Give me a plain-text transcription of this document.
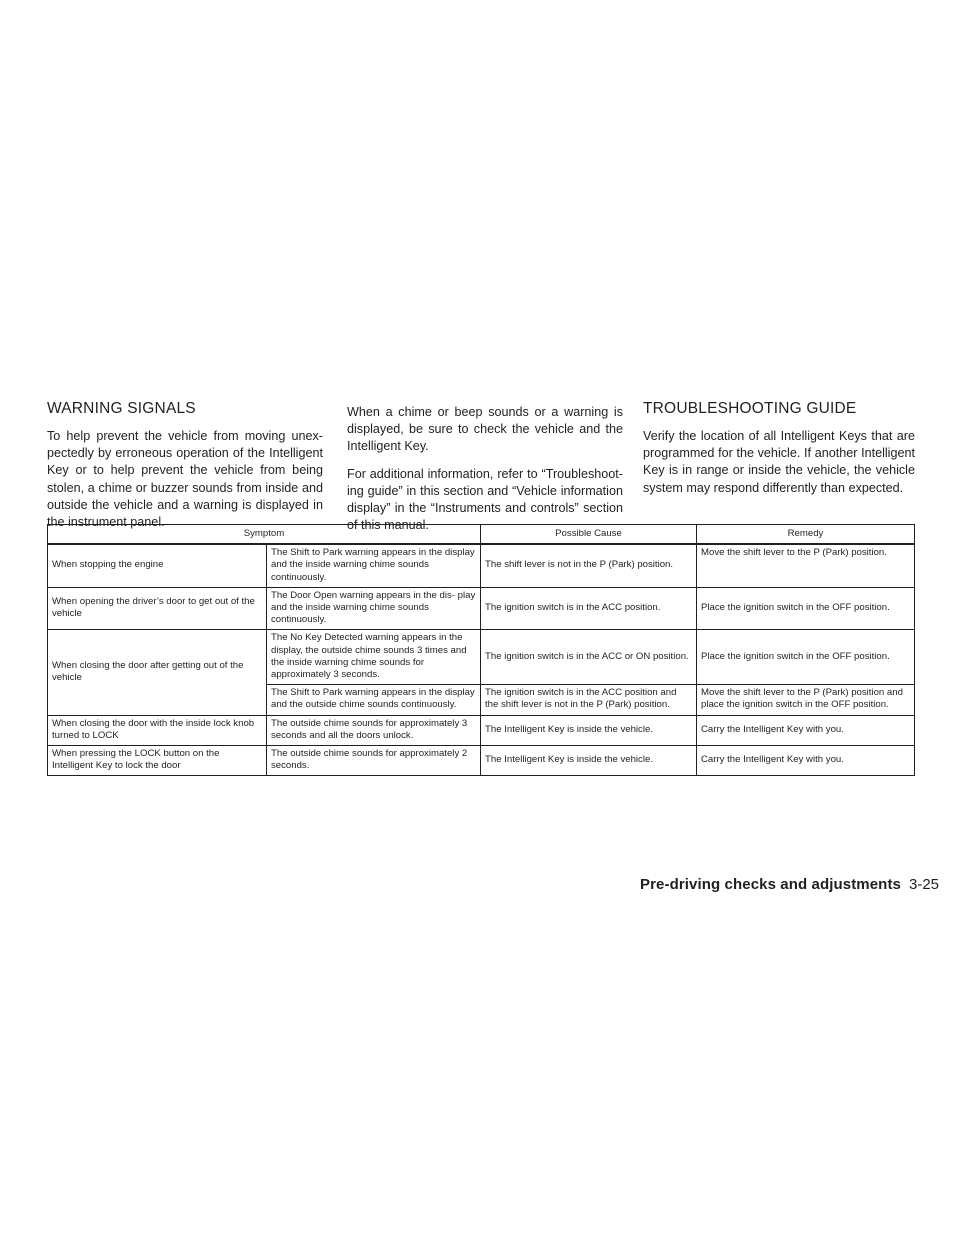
WARNING SIGNALS

To help prevent the vehicle from moving unex- pectedly by erroneous operation of the Intelligent Key or to help prevent the vehicle from being stolen, a chime or buzzer sounds from inside and outside the vehicle and a warning is displayed in the instrument panel.

When a chime or beep sounds or a warning is displayed, be sure to check the vehicle and the Intelligent Key.

For additional information, refer to “Troubleshoot- ing guide” in this section and “Vehicle information display” in the “Instruments and controls” section of this manual.

TROUBLESHOOTING GUIDE

Verify the location of all Intelligent Keys that are programmed for the vehicle. If another Intelligent Key is in range or inside the vehicle, the vehicle system may respond differently than expected.

Symptom		Possible Cause	Remedy
When stopping the engine	The Shift to Park warning appears in the display and the inside warning chime sounds continuously.	The shift lever is not in the P (Park) position.	Move the shift lever to the P (Park) position.
When opening the driver’s door to get out of the vehicle	The Door Open warning appears in the dis- play and the inside warning chime sounds continuously.	The ignition switch is in the ACC position.	Place the ignition switch in the OFF position.
When closing the door after getting out of the vehicle	The No Key Detected warning appears in the display, the outside chime sounds 3 times and the inside warning chime sounds for approximately 3 seconds.	The ignition switch is in the ACC or ON position.	Place the ignition switch in the OFF position.
	The Shift to Park warning appears in the display and the outside chime sounds continuously.	The ignition switch is in the ACC position and the shift lever is not in the P (Park) position.	Move the shift lever to the P (Park) position and place the ignition switch in the OFF position.
When closing the door with the inside lock knob turned to LOCK	The outside chime sounds for approximately 3 seconds and all the doors unlock.	The Intelligent Key is inside the vehicle.	Carry the Intelligent Key with you.
When pressing the LOCK button on the Intelligent Key to lock the door	The outside chime sounds for approximately 2 seconds.	The Intelligent Key is inside the vehicle.	Carry the Intelligent Key with you.
Pre-driving checks and adjustments 3-25
